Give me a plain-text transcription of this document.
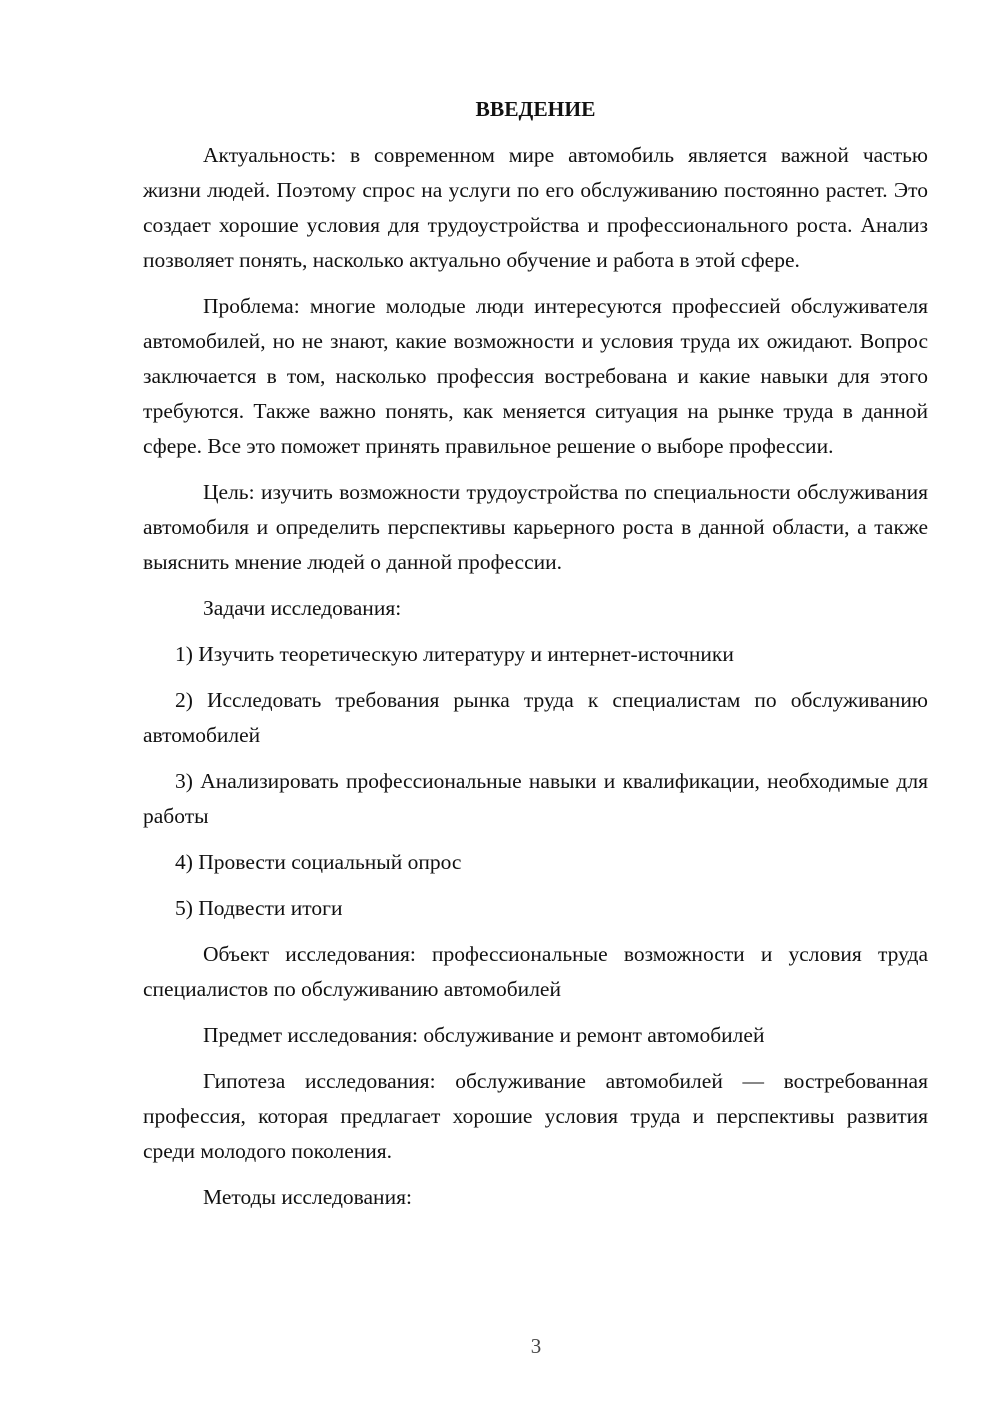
ВВЕДЕНИЕ

Актуальность: в современном мире автомобиль является важной частью жизни людей. Поэтому спрос на услуги по его обслуживанию постоянно растет. Это создает хорошие условия для трудоустройства и профессионального роста. Анализ позволяет понять, насколько актуально обучение и работа в этой сфере.

Проблема: многие молодые люди интересуются профессией обслуживателя автомобилей, но не знают, какие возможности и условия труда их ожидают. Вопрос заключается в том, насколько профессия востребована и какие навыки для этого требуются. Также важно понять, как меняется ситуация на рынке труда в данной сфере. Все это поможет принять правильное решение о выборе профессии.

Цель: изучить возможности трудоустройства по специальности обслуживания автомобиля и определить перспективы карьерного роста в данной области, а также выяснить мнение людей о данной профессии.

Задачи исследования:

1) Изучить теоретическую литературу и интернет-источники

2) Исследовать требования рынка труда к специалистам по обслуживанию автомобилей

3) Анализировать профессиональные навыки и квалификации, необходимые для работы

4) Провести социальный опрос

5) Подвести итоги

Объект исследования: профессиональные возможности и условия труда специалистов по обслуживанию автомобилей

Предмет исследования: обслуживание и ремонт автомобилей

Гипотеза исследования: обслуживание автомобилей — востребованная профессия, которая предлагает хорошие условия труда и перспективы развития среди молодого поколения.

Методы исследования:

3
